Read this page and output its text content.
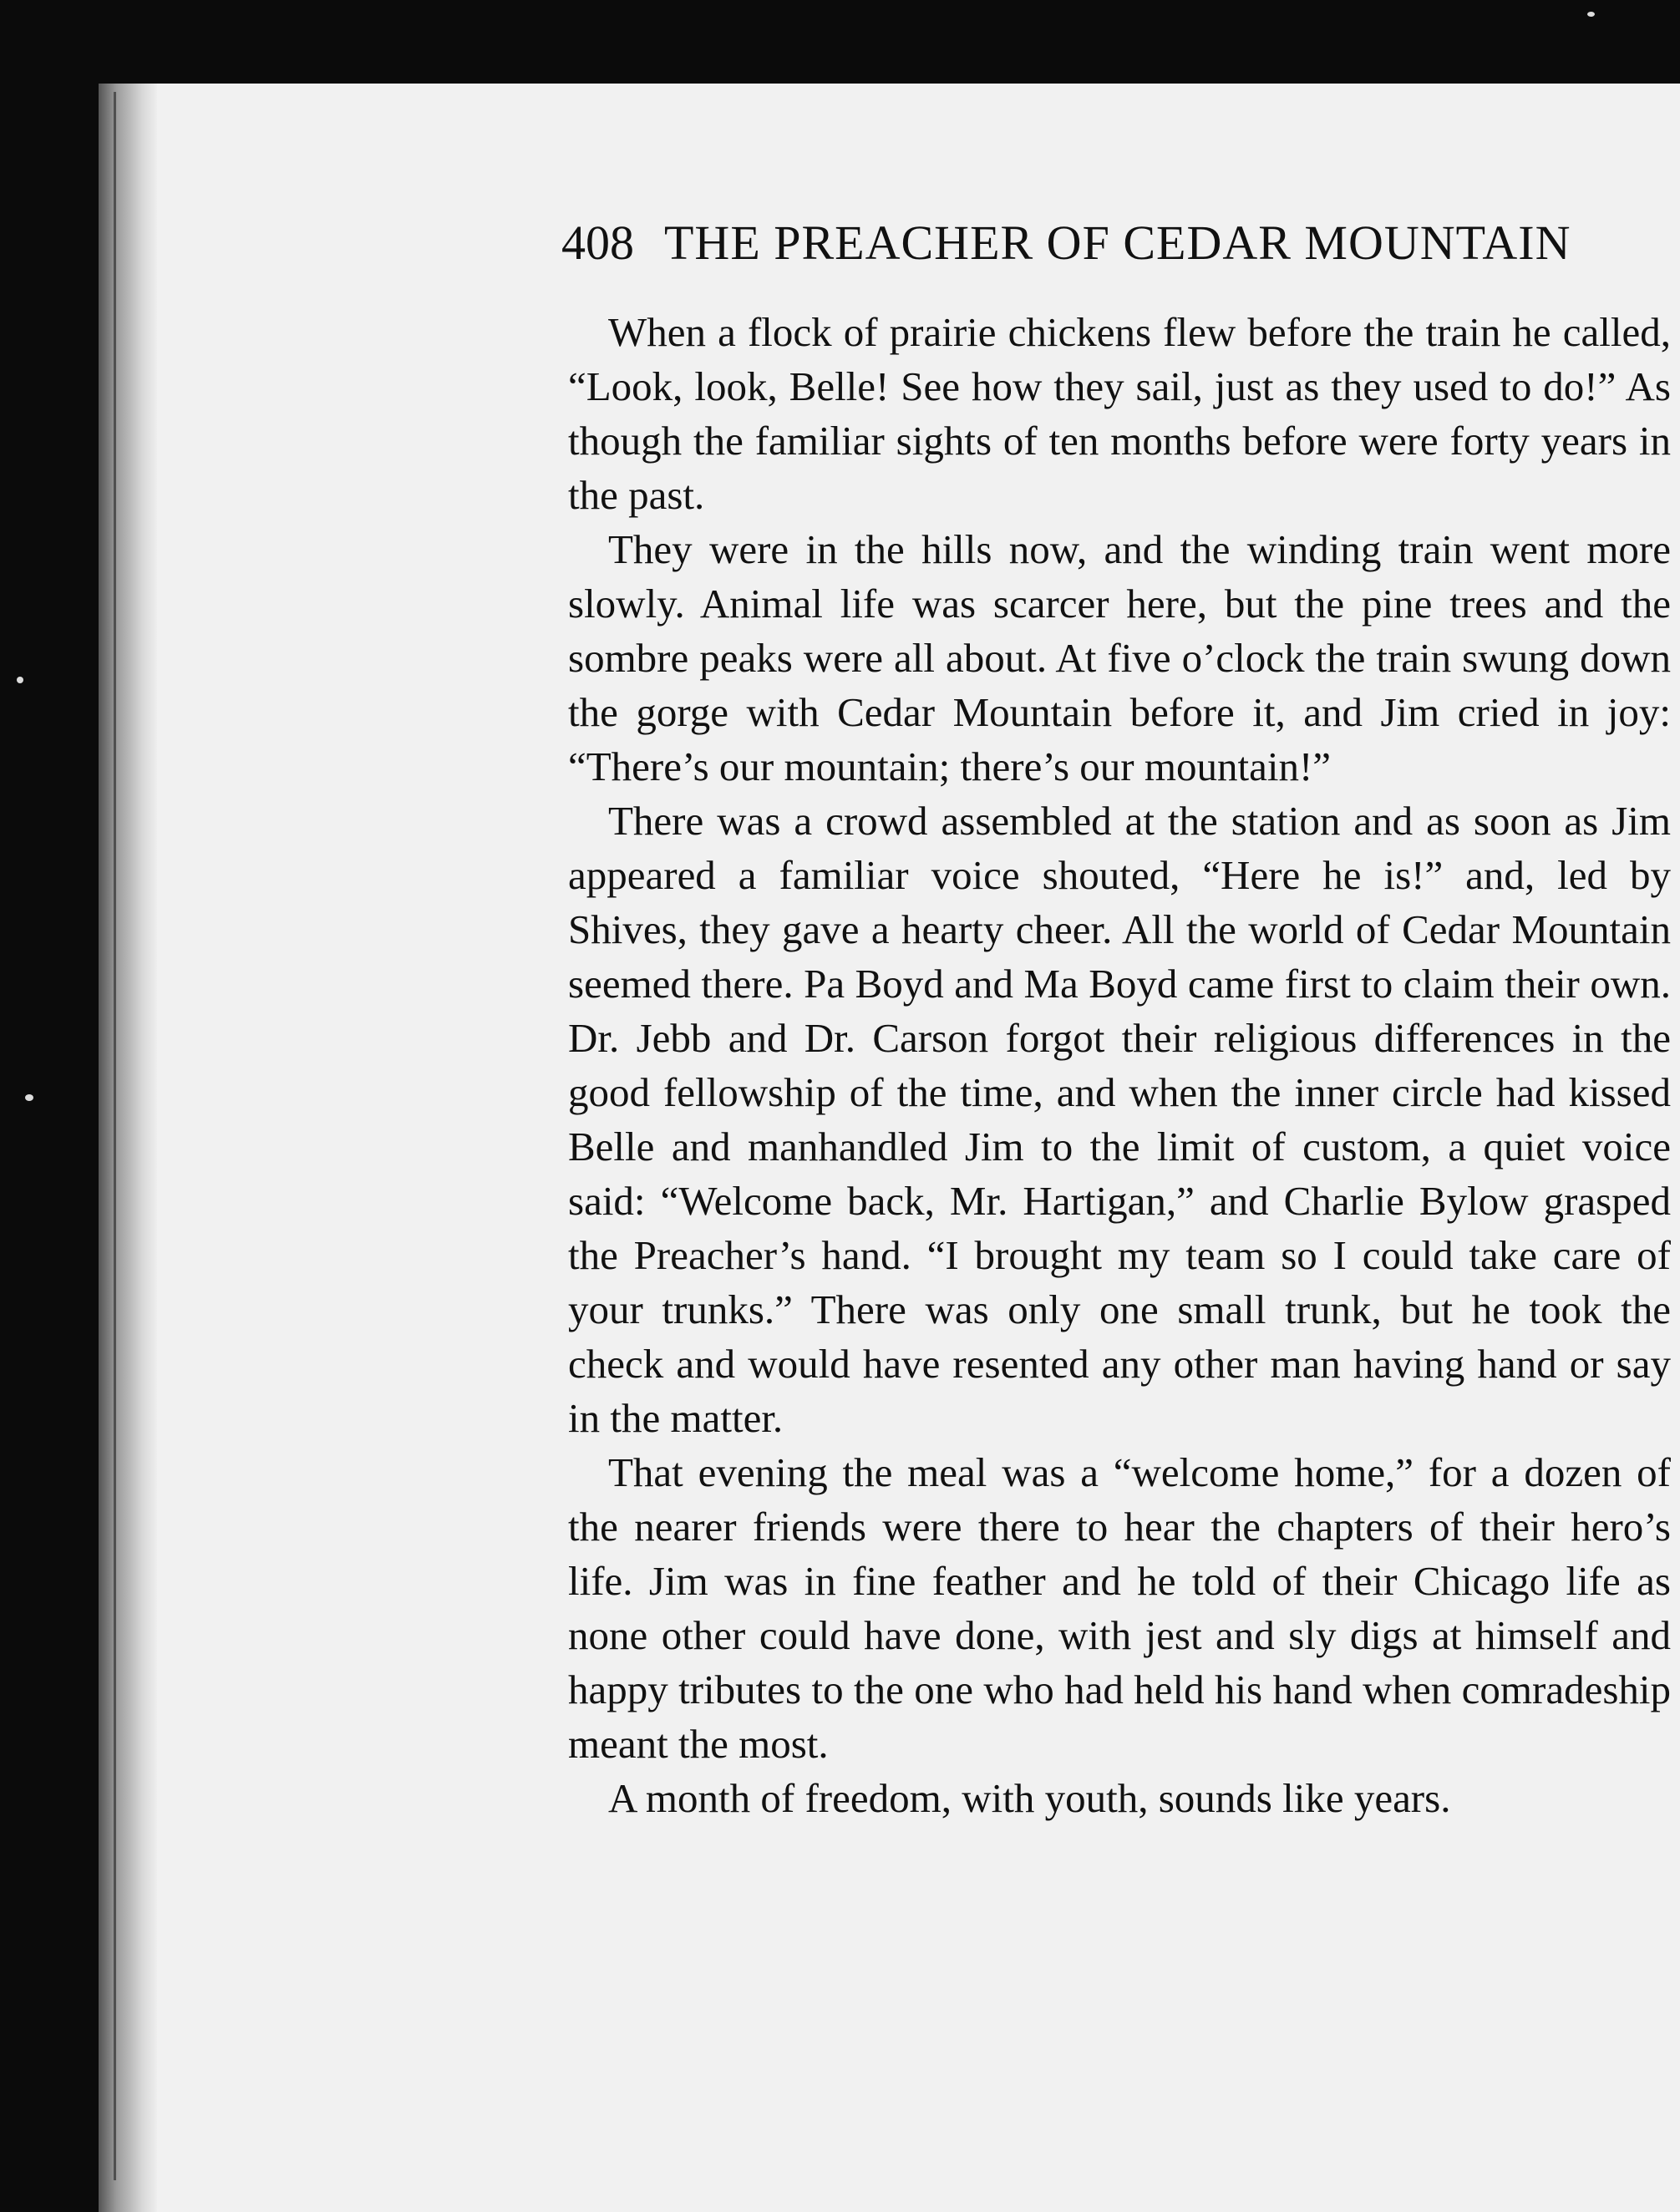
408 THE PREACHER OF CEDAR MOUNTAIN

When a flock of prairie chickens flew before the train he called, “Look, look, Belle! See how they sail, just as they used to do!” As though the familiar sights of ten months before were forty years in the past.

They were in the hills now, and the winding train went more slowly. Animal life was scarcer here, but the pine trees and the sombre peaks were all about. At five o’clock the train swung down the gorge with Cedar Mountain before it, and Jim cried in joy: “There’s our mountain; there’s our mountain!”

There was a crowd assembled at the station and as soon as Jim appeared a familiar voice shouted, “Here he is!” and, led by Shives, they gave a hearty cheer. All the world of Cedar Mountain seemed there. Pa Boyd and Ma Boyd came first to claim their own. Dr. Jebb and Dr. Carson forgot their religious differences in the good fellowship of the time, and when the inner circle had kissed Belle and manhandled Jim to the limit of custom, a quiet voice said: “Welcome back, Mr. Hartigan,” and Charlie Bylow grasped the Preacher’s hand. “I brought my team so I could take care of your trunks.” There was only one small trunk, but he took the check and would have resented any other man having hand or say in the matter.

That evening the meal was a “welcome home,” for a dozen of the nearer friends were there to hear the chapters of their hero’s life. Jim was in fine feather and he told of their Chicago life as none other could have done, with jest and sly digs at himself and happy tributes to the one who had held his hand when comradeship meant the most.

A month of freedom, with youth, sounds like years.
